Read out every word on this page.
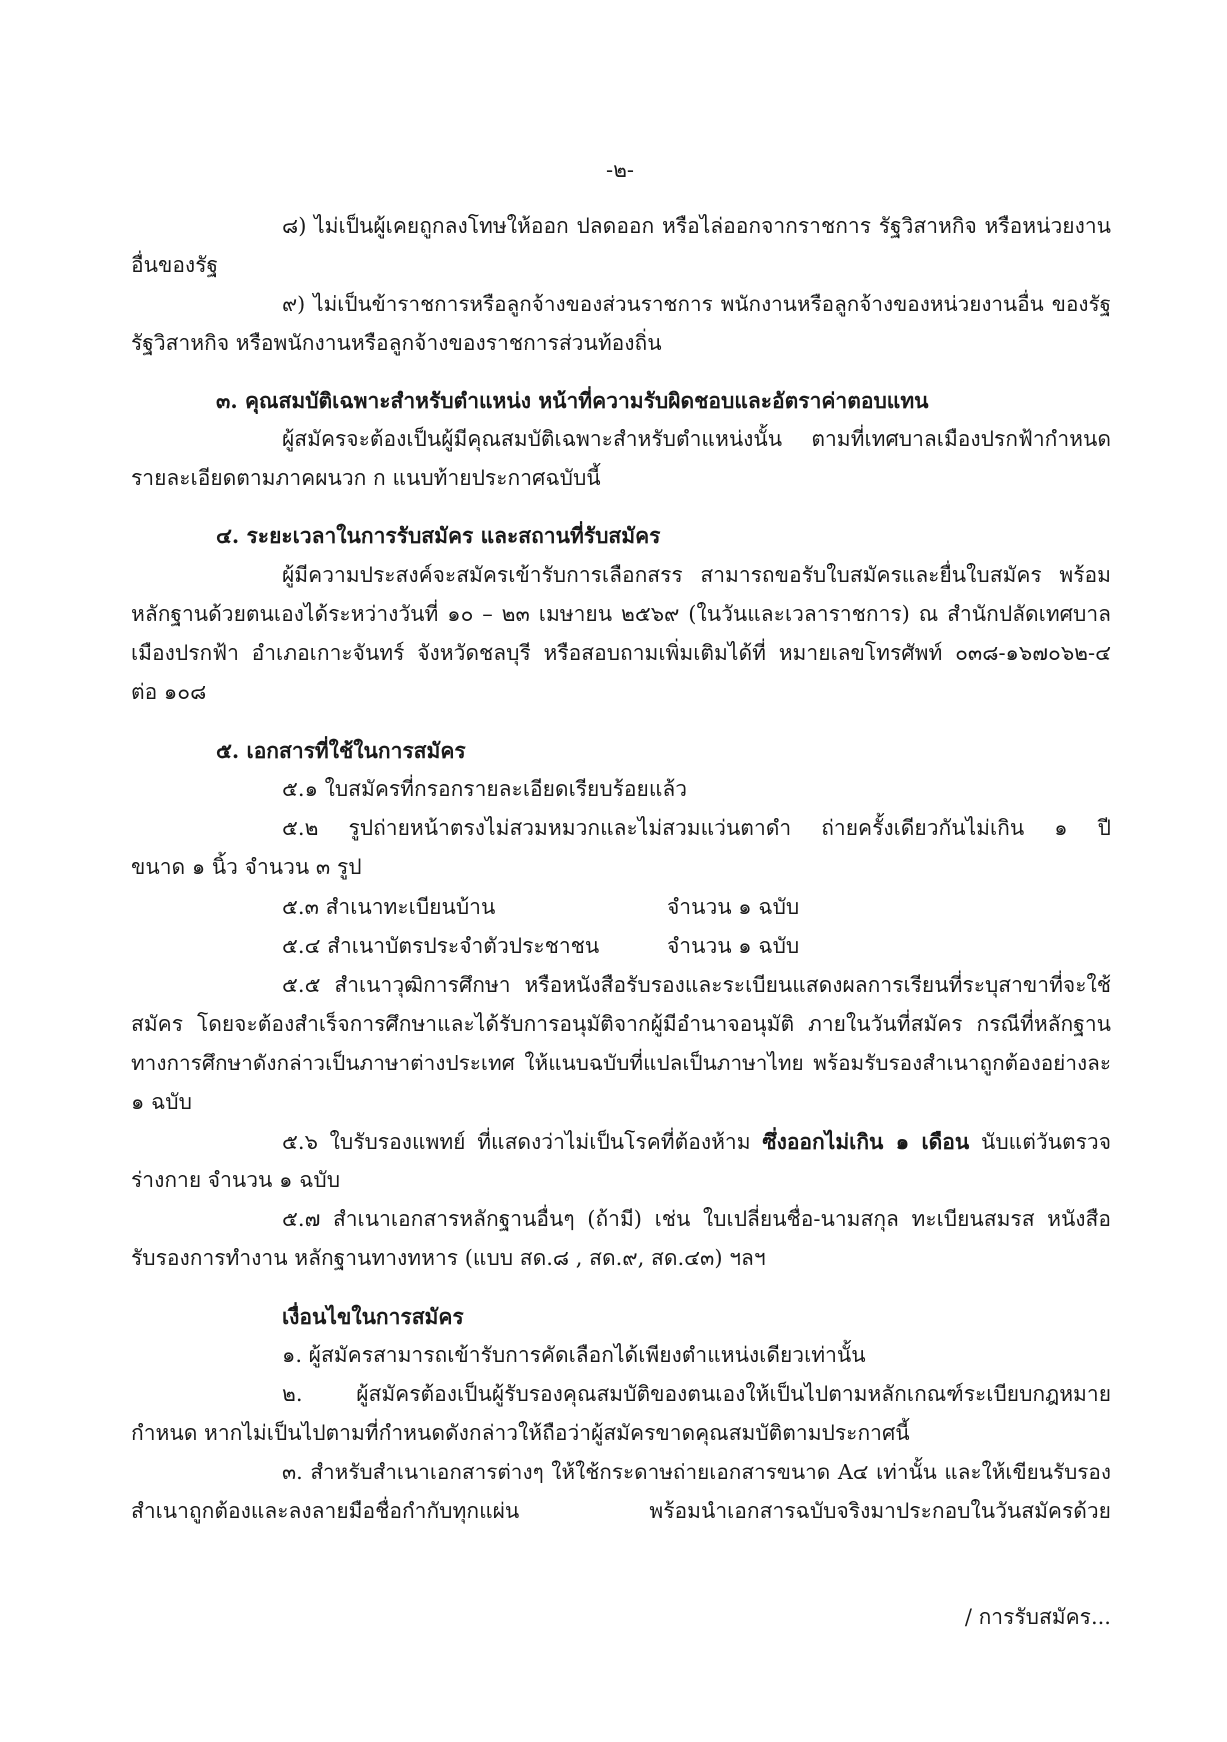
-๒-
๘) ไม่เป็นผู้เคยถูกลงโทษให้ออก ปลดออก หรือไล่ออกจากราชการ รัฐวิสาหกิจ หรือหน่วยงาน
อื่นของรัฐ
๙) ไม่เป็นข้าราชการหรือลูกจ้างของส่วนราชการ พนักงานหรือลูกจ้างของหน่วยงานอื่น ของรัฐ
รัฐวิสาหกิจ หรือพนักงานหรือลูกจ้างของราชการส่วนท้องถิ่น
๓. คุณสมบัติเฉพาะสำหรับตำแหน่ง หน้าที่ความรับผิดชอบและอัตราค่าตอบแทน
ผู้สมัครจะต้องเป็นผู้มีคุณสมบัติเฉพาะสำหรับตำแหน่งนั้น ตามที่เทศบาลเมืองปรกฟ้ากำหนด
รายละเอียดตามภาคผนวก ก แนบท้ายประกาศฉบับนี้
๔. ระยะเวลาในการรับสมัคร และสถานที่รับสมัคร
ผู้มีความประสงค์จะสมัครเข้ารับการเลือกสรร สามารถขอรับใบสมัครและยื่นใบสมัคร พร้อม
หลักฐานด้วยตนเองได้ระหว่างวันที่ ๑๐ – ๒๓ เมษายน ๒๕๖๙ (ในวันและเวลาราชการ) ณ สำนักปลัดเทศบาล
เมืองปรกฟ้า อำเภอเกาะจันทร์ จังหวัดชลบุรี หรือสอบถามเพิ่มเติมได้ที่ หมายเลขโทรศัพท์ ๐๓๘-๑๖๗๐๖๒-๔
ต่อ ๑๐๘
๕. เอกสารที่ใช้ในการสมัคร
๕.๑ ใบสมัครที่กรอกรายละเอียดเรียบร้อยแล้ว
๕.๒ รูปถ่ายหน้าตรงไม่สวมหมวกและไม่สวมแว่นตาดำ ถ่ายครั้งเดียวกันไม่เกิน ๑ ปี
ขนาด ๑ นิ้ว จำนวน ๓ รูป
๕.๓ สำเนาทะเบียนบ้าน	จำนวน ๑ ฉบับ
๕.๔ สำเนาบัตรประจำตัวประชาชน	จำนวน ๑ ฉบับ
๕.๕ สำเนาวุฒิการศึกษา หรือหนังสือรับรองและระเบียนแสดงผลการเรียนที่ระบุสาขาที่จะใช้
สมัคร โดยจะต้องสำเร็จการศึกษาและได้รับการอนุมัติจากผู้มีอำนาจอนุมัติ ภายในวันที่สมัคร กรณีที่หลักฐาน
ทางการศึกษาดังกล่าวเป็นภาษาต่างประเทศ ให้แนบฉบับที่แปลเป็นภาษาไทย พร้อมรับรองสำเนาถูกต้องอย่างละ
๑ ฉบับ
๕.๖ ใบรับรองแพทย์ ที่แสดงว่าไม่เป็นโรคที่ต้องห้าม ซึ่งออกไม่เกิน ๑ เดือน นับแต่วันตรวจ
ร่างกาย จำนวน ๑ ฉบับ
๕.๗ สำเนาเอกสารหลักฐานอื่นๆ (ถ้ามี) เช่น ใบเปลี่ยนชื่อ-นามสกุล ทะเบียนสมรส หนังสือ
รับรองการทำงาน หลักฐานทางทหาร (แบบ สด.๘ , สด.๙, สด.๔๓) ฯลฯ
เงื่อนไขในการสมัคร
๑. ผู้สมัครสามารถเข้ารับการคัดเลือกได้เพียงตำแหน่งเดียวเท่านั้น
๒. ผู้สมัครต้องเป็นผู้รับรองคุณสมบัติของตนเองให้เป็นไปตามหลักเกณฑ์ระเบียบกฎหมาย
กำหนด หากไม่เป็นไปตามที่กำหนดดังกล่าวให้ถือว่าผู้สมัครขาดคุณสมบัติตามประกาศนี้
๓. สำหรับสำเนาเอกสารต่างๆ ให้ใช้กระดาษถ่ายเอกสารขนาด A๔ เท่านั้น และให้เขียนรับรอง
สำเนาถูกต้องและลงลายมือชื่อกำกับทุกแผ่น พร้อมนำเอกสารฉบับจริงมาประกอบในวันสมัครด้วย
/ การรับสมัคร...
